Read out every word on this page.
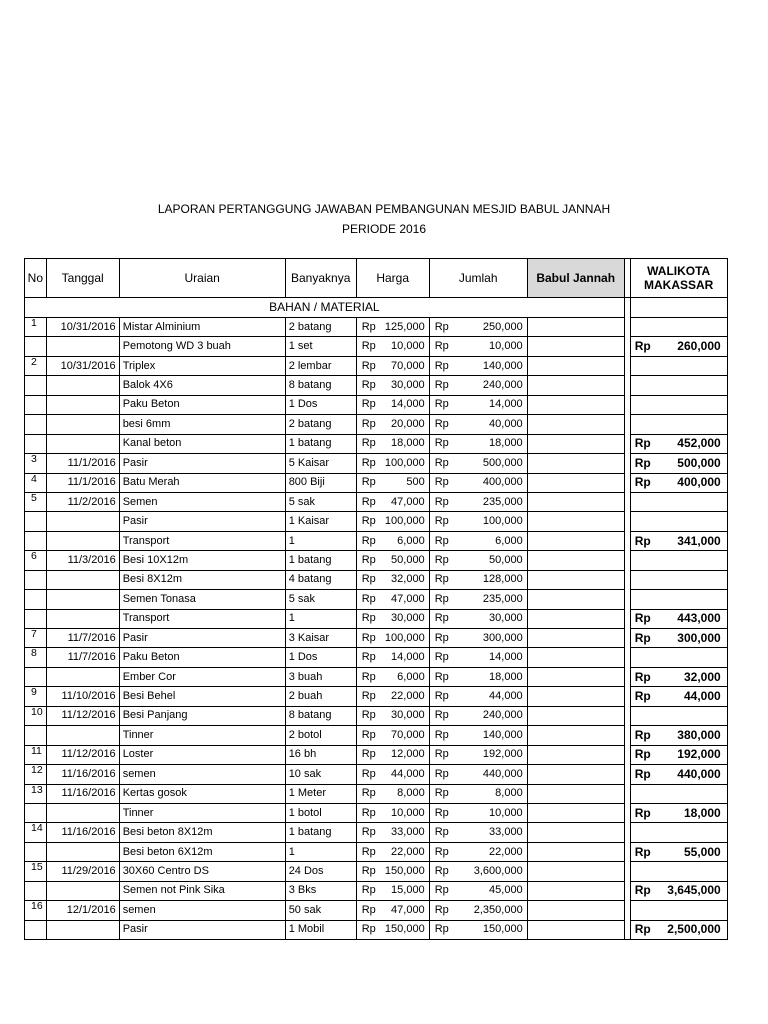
LAPORAN PERTANGGUNG JAWABAN PEMBANGUNAN MESJID BABUL JANNAH
PERIODE 2016
No	Tanggal	Uraian	Banyaknya	Harga	Jumlah	Babul Jannah		WALIKOTA MAKASSAR
BAHAN / MATERIAL								
1	10/31/2016	Mistar Alminium	2 batang	Rp 125,000	Rp 250,000			

		Pemotong WD 3 buah	1 set	Rp 10,000	Rp 10,000			Rp 260,000

2	10/31/2016	Triplex	2 lembar	Rp 70,000	Rp 140,000			

		Balok 4X6	8 batang	Rp 30,000	Rp 240,000			

		Paku Beton	1 Dos	Rp 14,000	Rp 14,000			

		besi 6mm	2 batang	Rp 20,000	Rp 40,000			

		Kanal beton	1 batang	Rp 18,000	Rp 18,000			Rp 452,000

3	11/1/2016	Pasir	5 Kaisar	Rp 100,000	Rp 500,000			Rp 500,000

4	11/1/2016	Batu Merah	800 Biji	Rp 500	Rp 400,000			Rp 400,000

5	11/2/2016	Semen	5 sak	Rp 47,000	Rp 235,000			

		Pasir	1 Kaisar	Rp 100,000	Rp 100,000			

		Transport	1	Rp 6,000	Rp 6,000			Rp 341,000

6	11/3/2016	Besi 10X12m	1 batang	Rp 50,000	Rp 50,000			

		Besi 8X12m	4 batang	Rp 32,000	Rp 128,000			

		Semen Tonasa	5 sak	Rp 47,000	Rp 235,000			

		Transport	1	Rp 30,000	Rp 30,000			Rp 443,000

7	11/7/2016	Pasir	3 Kaisar	Rp 100,000	Rp 300,000			Rp 300,000

8	11/7/2016	Paku Beton	1 Dos	Rp 14,000	Rp 14,000			

		Ember Cor	3 buah	Rp 6,000	Rp 18,000			Rp 32,000

9	11/10/2016	Besi Behel	2 buah	Rp 22,000	Rp 44,000			Rp 44,000

10	11/12/2016	Besi Panjang	8 batang	Rp 30,000	Rp 240,000			

		Tinner	2 botol	Rp 70,000	Rp 140,000			Rp 380,000

11	11/12/2016	Loster	16 bh	Rp 12,000	Rp 192,000			Rp 192,000

12	11/16/2016	semen	10 sak	Rp 44,000	Rp 440,000			Rp 440,000

13	11/16/2016	Kertas gosok	1 Meter	Rp 8,000	Rp 8,000			

		Tinner	1 botol	Rp 10,000	Rp 10,000			Rp 18,000

14	11/16/2016	Besi beton 8X12m	1 batang	Rp 33,000	Rp 33,000			

		Besi beton 6X12m	1	Rp 22,000	Rp 22,000			Rp 55,000

15	11/29/2016	30X60 Centro DS	24 Dos	Rp 150,000	Rp 3,600,000			

		Semen not Pink Sika	3 Bks	Rp 15,000	Rp 45,000			Rp 3,645,000

16	12/1/2016	semen	50 sak	Rp 47,000	Rp 2,350,000			

		Pasir	1 Mobil	Rp 150,000	Rp 150,000			Rp 2,500,000
